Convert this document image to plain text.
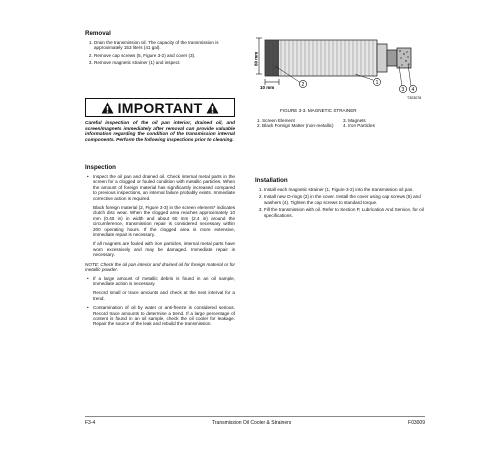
Removal
1. Drain the transmission oil. The capacity of the transmission is approximately 153 liters (41 gal).
2. Remove cap screws (5, Figure 3-2) and cover (3).
3. Remove magnetic strainer (1) and inspect.
IMPORTANT
Careful inspection of the oil pan interior, drained oil, and screen/magnets immediately after removal can provide valuable information regarding the condition of the transmission internal components. Perform the following inspections prior to cleaning.
Inspection
• Inspect the oil pan and drained oil. Check internal metal parts in the screen for a clogged or fouled condition with metallic particles. When the amount of foreign material has significantly increased compared to previous inspections, an internal failure probably exists. Immediate corrective action is required.
Black foreign material (2, Figure 3-3) in the screen element* indicates clutch disc wear. When the clogged area reaches approximately 10 mm (0.40 in) in width and about 60 mm (2.4 in) around the circumference, transmission repair is considered necessary within 200 operating hours. If the clogged area is more extensive, immediate repair is necessary.
If all magnets are fouled with iron particles, internal metal parts have worn excessively and may be damaged. Immediate repair is necessary.
NOTE: Check the oil pan interior and drained oil for foreign material or for metallic powder.
• If a large amount of metallic debris is found in an oil sample, immediate action is necessary.
Record small or trace amounts and check at the next interval for a trend.
• Contamination of oil by water or anti-freeze is considered serious. Record trace amounts to determine a trend. If a large percentage of content is found in an oil sample, check the oil cooler for leakage. Repair the source of the leak and rebuild the transmission.
60 mm
10 mm	2	1
3 4
T303076
FIGURE 3-3. MAGNETIC STRAINER
1. Screen Element	3. Magnets
2. Black Foreign Matter (non-metallic)	4. Iron Particles
Installation
1. Install each magnetic strainer (1, Figure 3-2) into the transmission oil pan.
2. Install new O-rings (2) in the cover. Install the cover using cap screws (5) and washers (4). Tighten the cap screws to standard torque.
3. Fill the transmission with oil. Refer to Section P, Lubrication And Service, for oil specifications.
F3-4	Transmission Oil Cooler & Strainers	F03009
